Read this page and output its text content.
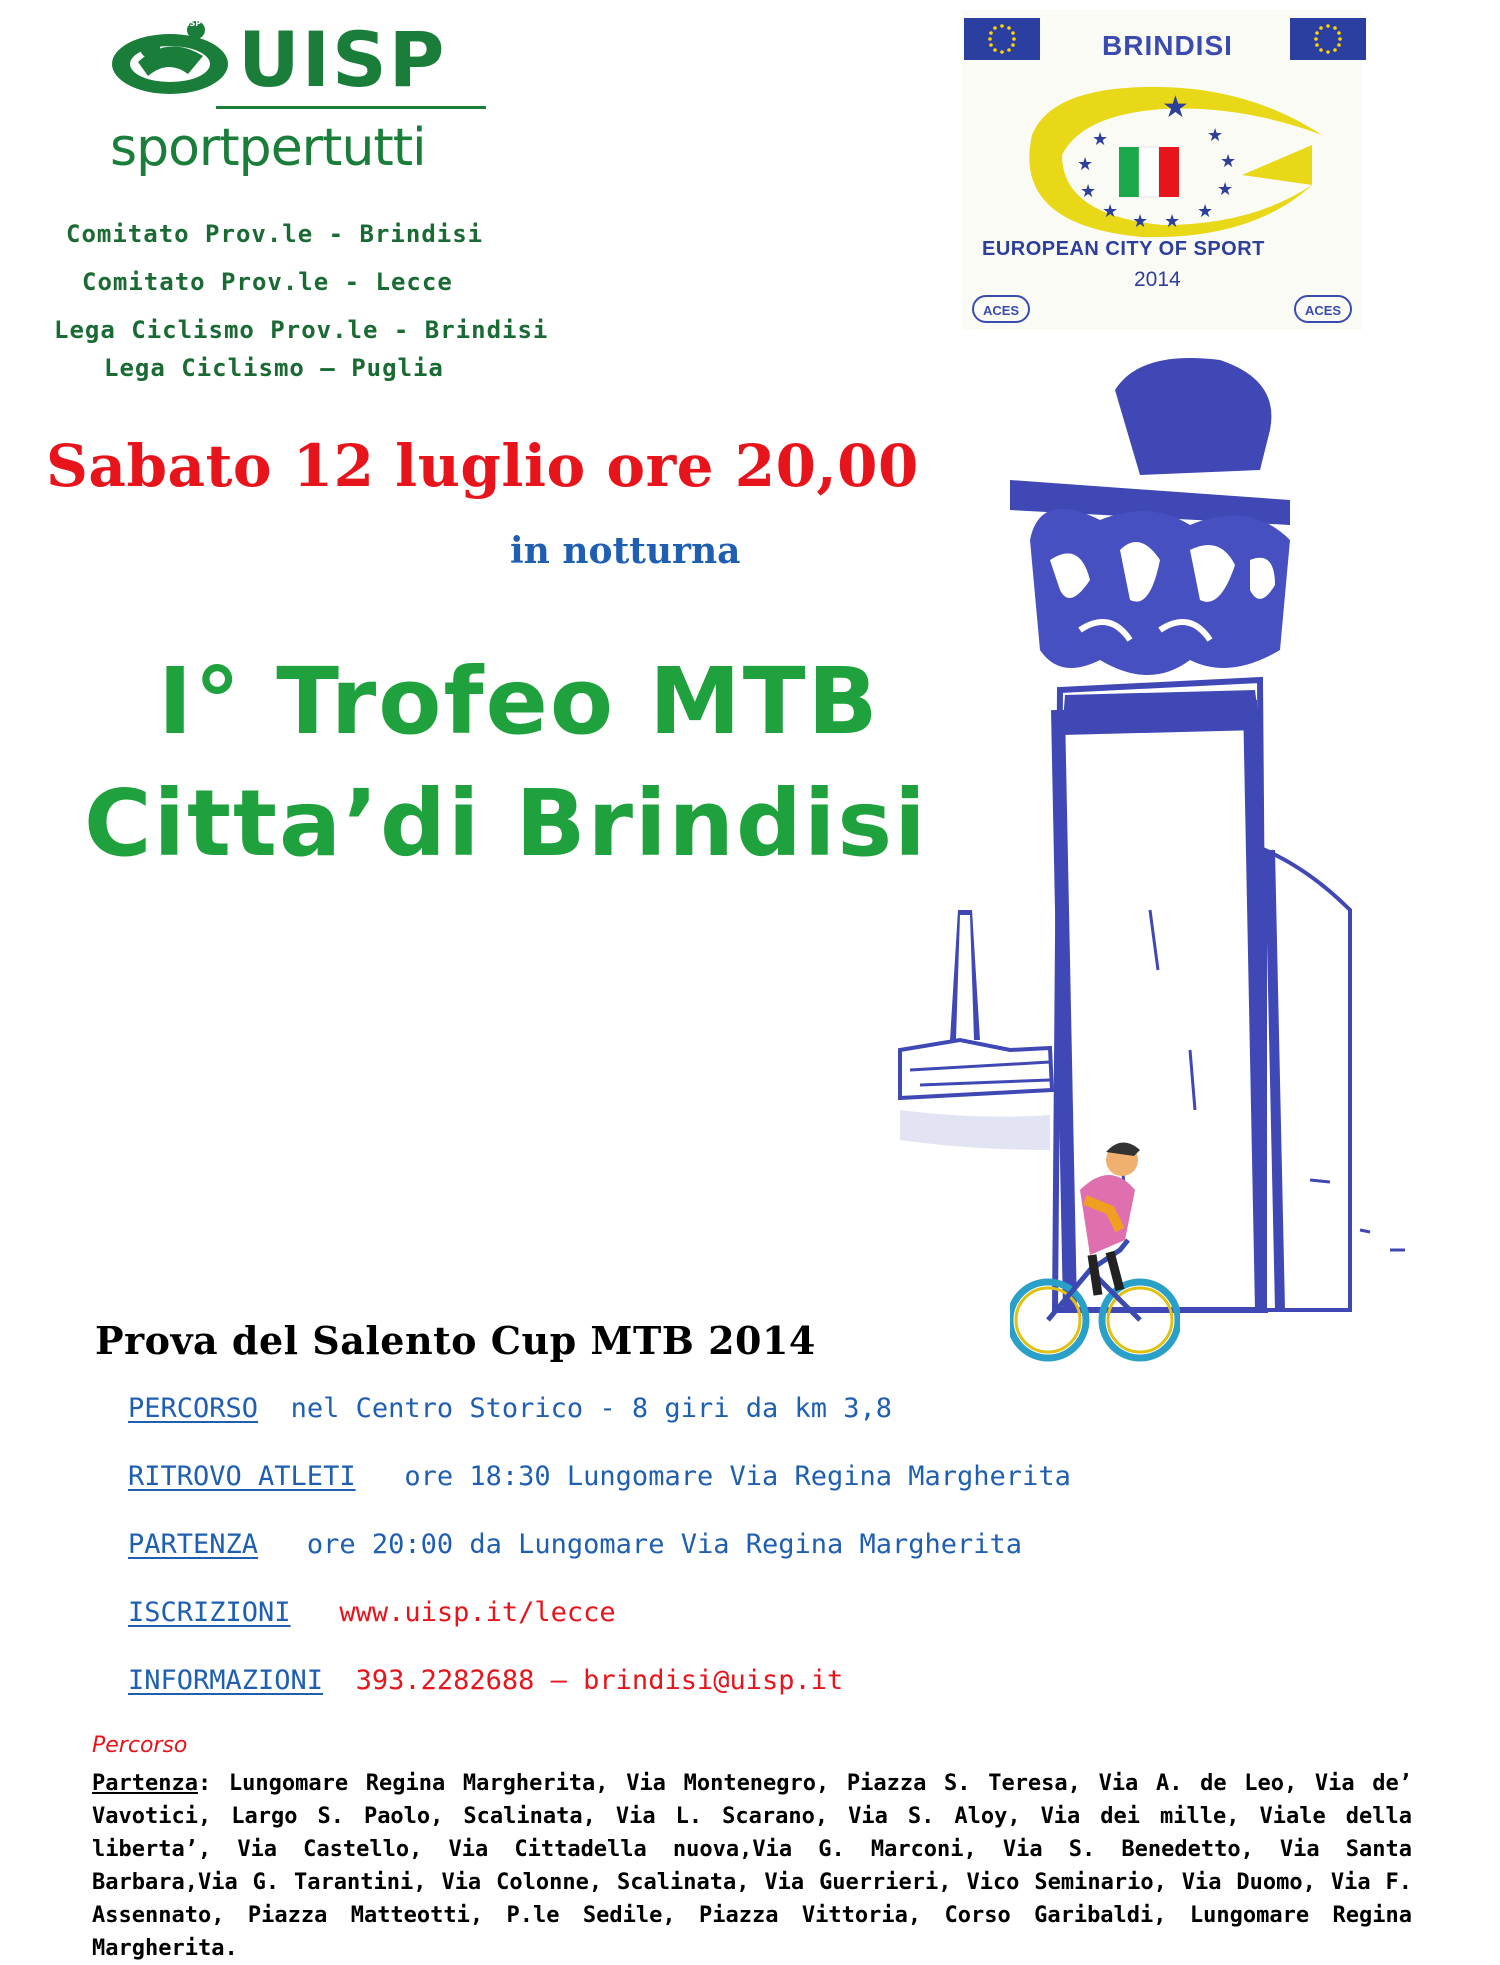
UISP UISP
sportpertutti
Comitato Prov.le - Brindisi
Comitato Prov.le - Lecce
Lega Ciclismo Prov.le - Brindisi
Lega Ciclismo – Puglia
BRINDISI
★
★
★
★ ★ ★ ★
★
★
★
★
EUROPEAN CITY OF SPORT
2014
ACES	ACES
Sabato 12 luglio ore 20,00
in notturna
I° Trofeo MTB
Citta’di Brindisi
Prova del Salento Cup MTB 2014
PERCORSO nel Centro Storico - 8 giri da km 3,8
RITROVO ATLETI ore 18:30 Lungomare Via Regina Margherita
PARTENZA ore 20:00 da Lungomare Via Regina Margherita
ISCRIZIONI www.uisp.it/lecce
INFORMAZIONI 393.2282688 – brindisi@uisp.it
Percorso
Partenza: Lungomare Regina Margherita, Via Montenegro, Piazza S. Teresa, Via A. de Leo, Via de’ Vavotici, Largo S. Paolo, Scalinata, Via L. Scarano, Via S. Aloy, Via dei mille, Viale della liberta’, Via Castello, Via Cittadella nuova,Via G. Marconi, Via S. Benedetto, Via Santa Barbara,Via G. Tarantini, Via Colonne, Scalinata, Via Guerrieri, Vico Seminario, Via Duomo, Via F. Assennato, Piazza Matteotti, P.le Sedile, Piazza Vittoria, Corso Garibaldi, Lungomare Regina Margherita.
